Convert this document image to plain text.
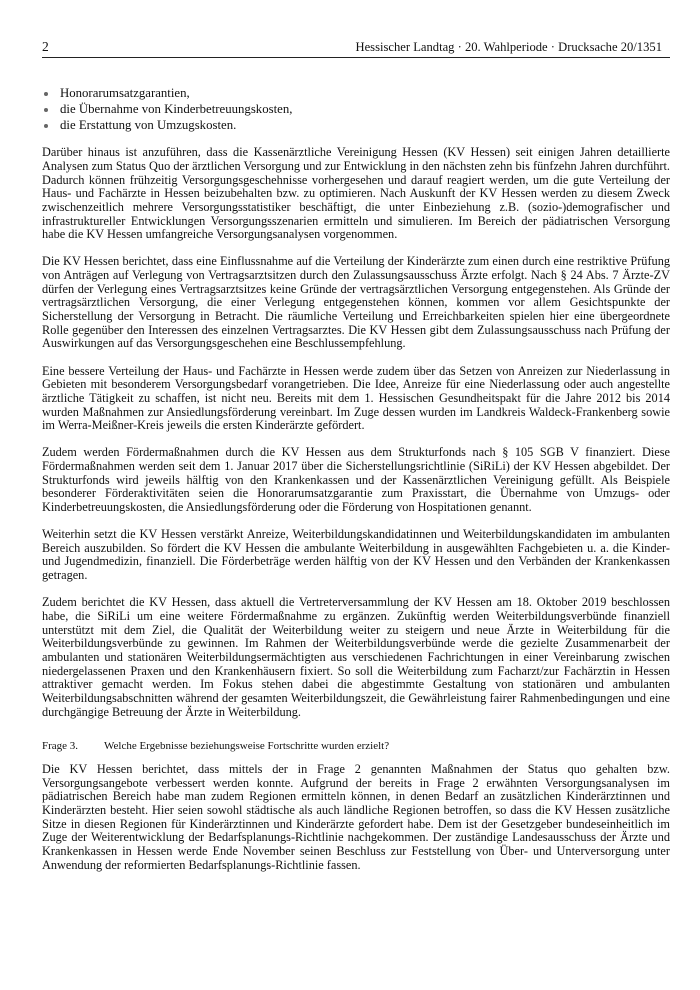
2	Hessischer Landtag · 20. Wahlperiode · Drucksache 20/1351
Honorarumsatzgarantien,
die Übernahme von Kinderbetreuungskosten,
die Erstattung von Umzugskosten.

Darüber hinaus ist anzuführen, dass die Kassenärztliche Vereinigung Hessen (KV Hessen) seit einigen Jahren detaillierte Analysen zum Status Quo der ärztlichen Versorgung und zur Entwicklung in den nächsten zehn bis fünfzehn Jahren durchführt. Dadurch können frühzeitig Versorgungsgeschehnisse vorhergesehen und darauf reagiert werden, um die gute Verteilung der Haus- und Fachärzte in Hessen beizubehalten bzw. zu optimieren. Nach Auskunft der KV Hessen werden zu diesem Zweck zwischenzeitlich mehrere Versorgungsstatistiker beschäftigt, die unter Einbeziehung z.B. (sozio-)demografischer und infrastruktureller Entwicklungen Versorgungsszenarien ermitteln und simulieren. Im Bereich der pädiatrischen Versorgung habe die KV Hessen umfangreiche Versorgungsanalysen vorgenommen.

Die KV Hessen berichtet, dass eine Einflussnahme auf die Verteilung der Kinderärzte zum einen durch eine restriktive Prüfung von Anträgen auf Verlegung von Vertragsarztsitzen durch den Zulassungsausschuss Ärzte erfolgt. Nach § 24 Abs. 7 Ärzte-ZV dürfen der Verlegung eines Vertragsarztsitzes keine Gründe der vertragsärztlichen Versorgung entgegenstehen. Als Gründe der vertragsärztlichen Versorgung, die einer Verlegung entgegenstehen können, kommen vor allem Gesichtspunkte der Sicherstellung der Versorgung in Betracht. Die räumliche Verteilung und Erreichbarkeiten spielen hier eine übergeordnete Rolle gegenüber den Interessen des einzelnen Vertragsarztes. Die KV Hessen gibt dem Zulassungsausschuss nach Prüfung der Auswirkungen auf das Versorgungsgeschehen eine Beschlussempfehlung.

Eine bessere Verteilung der Haus- und Fachärzte in Hessen werde zudem über das Setzen von Anreizen zur Niederlassung in Gebieten mit besonderem Versorgungsbedarf vorangetrieben. Die Idee, Anreize für eine Niederlassung oder auch angestellte ärztliche Tätigkeit zu schaffen, ist nicht neu. Bereits mit dem 1. Hessischen Gesundheitspakt für die Jahre 2012 bis 2014 wurden Maßnahmen zur Ansiedlungsförderung vereinbart. Im Zuge dessen wurden im Landkreis Waldeck-Frankenberg sowie im Werra-Meißner-Kreis jeweils die ersten Kinderärzte gefördert.

Zudem werden Fördermaßnahmen durch die KV Hessen aus dem Strukturfonds nach § 105 SGB V finanziert. Diese Fördermaßnahmen werden seit dem 1. Januar 2017 über die Sicherstellungsrichtlinie (SiRiLi) der KV Hessen abgebildet. Der Strukturfonds wird jeweils hälftig von den Krankenkassen und der Kassenärztlichen Vereinigung gefüllt. Als Beispiele besonderer Förderaktivitäten seien die Honorarumsatzgarantie zum Praxisstart, die Übernahme von Umzugs- oder Kinderbetreuungskosten, die Ansiedlungsförderung oder die Förderung von Hospitationen genannt.

Weiterhin setzt die KV Hessen verstärkt Anreize, Weiterbildungskandidatinnen und Weiterbildungskandidaten im ambulanten Bereich auszubilden. So fördert die KV Hessen die ambulante Weiterbildung in ausgewählten Fachgebieten u. a. die Kinder- und Jugendmedizin, finanziell. Die Förderbeträge werden hälftig von der KV Hessen und den Verbänden der Krankenkassen getragen.

Zudem berichtet die KV Hessen, dass aktuell die Vertreterversammlung der KV Hessen am 18. Oktober 2019 beschlossen habe, die SiRiLi um eine weitere Fördermaßnahme zu ergänzen. Zukünftig werden Weiterbildungsverbünde finanziell unterstützt mit dem Ziel, die Qualität der Weiterbildung weiter zu steigern und neue Ärzte in Weiterbildung für die Weiterbildungsverbünde zu gewinnen. Im Rahmen der Weiterbildungsverbünde werde die gezielte Zusammenarbeit der ambulanten und stationären Weiterbildungsermächtigten aus verschiedenen Fachrichtungen in einer Vereinbarung zwischen niedergelassenen Praxen und den Krankenhäusern fixiert. So soll die Weiterbildung zum Facharzt/zur Fachärztin in Hessen attraktiver gemacht werden. Im Fokus stehen dabei die abgestimmte Gestaltung von stationären und ambulanten Weiterbildungsabschnitten während der gesamten Weiterbildungszeit, die Gewährleistung fairer Rahmenbedingungen und eine durchgängige Betreuung der Ärzte in Weiterbildung.

Frage 3. Welche Ergebnisse beziehungsweise Fortschritte wurden erzielt?

Die KV Hessen berichtet, dass mittels der in Frage 2 genannten Maßnahmen der Status quo gehalten bzw. Versorgungsangebote verbessert werden konnte. Aufgrund der bereits in Frage 2 erwähnten Versorgungsanalysen im pädiatrischen Bereich habe man zudem Regionen ermitteln können, in denen Bedarf an zusätzlichen Kinderärztinnen und Kinderärzten besteht. Hier seien sowohl städtische als auch ländliche Regionen betroffen, so dass die KV Hessen zusätzliche Sitze in diesen Regionen für Kinderärztinnen und Kinderärzte gefordert habe. Dem ist der Gesetzgeber bundeseinheitlich im Zuge der Weiterentwicklung der Bedarfsplanungs-Richtlinie nachgekommen. Der zuständige Landesausschuss der Ärzte und Krankenkassen in Hessen werde Ende November seinen Beschluss zur Feststellung von Über- und Unterversorgung unter Anwendung der reformierten Bedarfsplanungs-Richtlinie fassen.
